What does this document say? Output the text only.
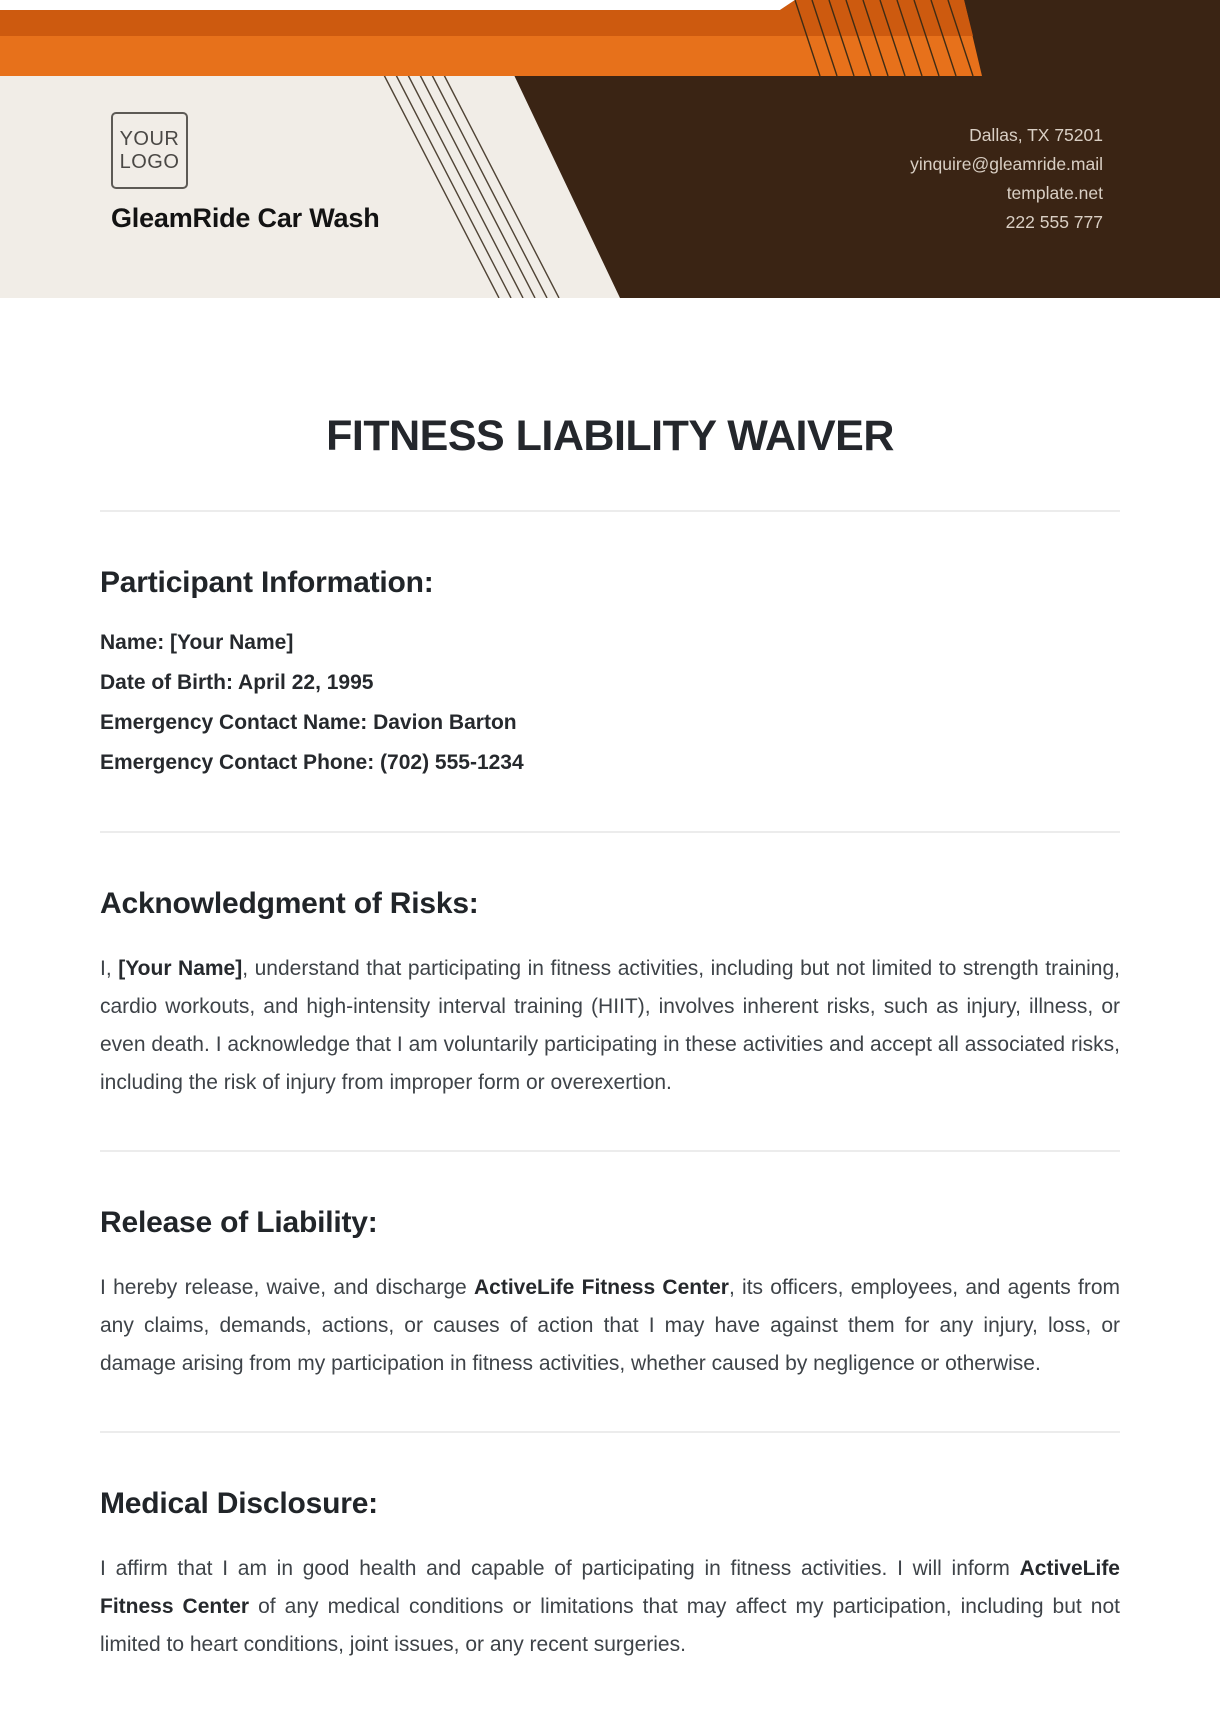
YOUR
LOGO
GleamRide Car Wash
Dallas, TX 75201
yinquire@gleamride.mail
template.net
222 555 777
FITNESS LIABILITY WAIVER
Participant Information:
Name: [Your Name]
Date of Birth: April 22, 1995
Emergency Contact Name: Davion Barton
Emergency Contact Phone: (702) 555-1234
Acknowledgment of Risks:

I, [Your Name], understand that participating in fitness activities, including but not limited to strength training, cardio workouts, and high-intensity interval training (HIIT), involves inherent risks, such as injury, illness, or even death. I acknowledge that I am voluntarily participating in these activities and accept all associated risks, including the risk of injury from improper form or overexertion.

Release of Liability:

I hereby release, waive, and discharge ActiveLife Fitness Center, its officers, employees, and agents from any claims, demands, actions, or causes of action that I may have against them for any injury, loss, or damage arising from my participation in fitness activities, whether caused by negligence or otherwise.

Medical Disclosure:

I affirm that I am in good health and capable of participating in fitness activities. I will inform ActiveLife Fitness Center of any medical conditions or limitations that may affect my participation, including but not limited to heart conditions, joint issues, or any recent surgeries.
